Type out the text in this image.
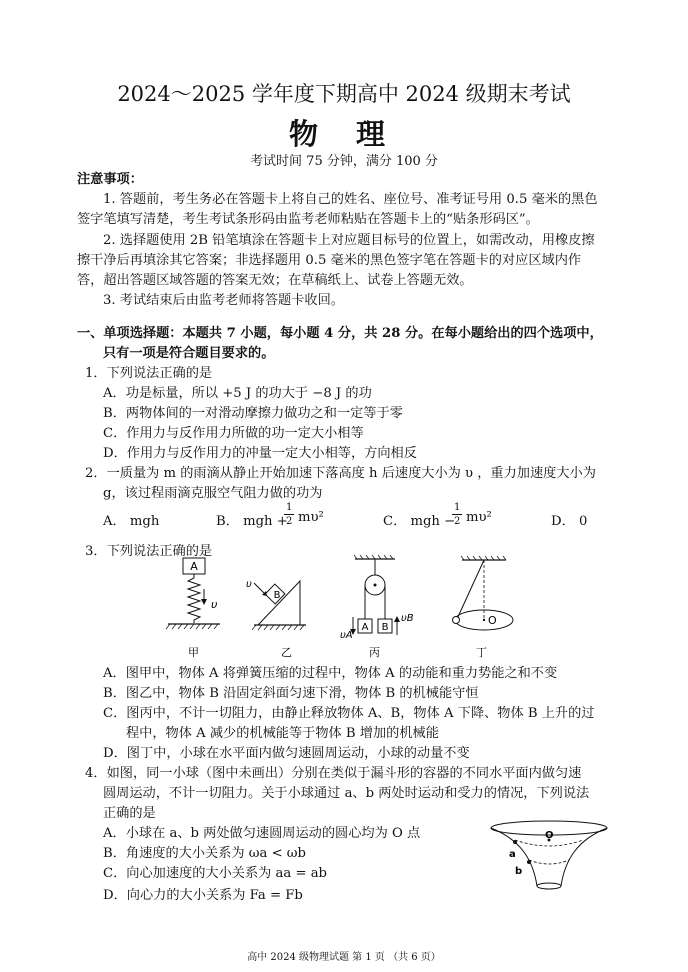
2024～2025 学年度下期高中 2024 级期末考试
物 理
考试时间 75 分钟，满分 100 分
注意事项：
1. 答题前，考生务必在答题卡上将自己的姓名、座位号、准考证号用 0.5 毫米的黑色
签字笔填写清楚，考生考试条形码由监考老师粘贴在答题卡上的“贴条形码区”。
2. 选择题使用 2B 铅笔填涂在答题卡上对应题目标号的位置上，如需改动，用橡皮擦
擦干净后再填涂其它答案；非选择题用 0.5 毫米的黑色签字笔在答题卡的对应区域内作
答，超出答题区域答题的答案无效；在草稿纸上、试卷上答题无效。
3. 考试结束后由监考老师将答题卡收回。
一、单项选择题：本题共 7 小题，每小题 4 分，共 28 分。在每小题给出的四个选项中，
只有一项是符合题目要求的。
1．下列说法正确的是
A．功是标量，所以 +5 J 的功大于 −8 J 的功
B．两物体间的一对滑动摩擦力做功之和一定等于零
C．作用力与反作用力所做的功一定大小相等
D．作用力与反作用力的冲量一定大小相等，方向相反
2．一质量为 m 的雨滴从静止开始加速下落高度 h 后速度大小为 υ ，重力加速度大小为
g，该过程雨滴克服空气阻力做的功为
A． mgh	B． mgh +
1
2 mυ²	C． mgh −
1
2 mυ²	D． 0
3．下列说法正确的是
A
υ
甲
B
υ
乙
A B
υA
υB
丙
O
丁
A．图甲中，物体 A 将弹簧压缩的过程中，物体 A 的动能和重力势能之和不变
B．图乙中，物体 B 沿固定斜面匀速下滑，物体 B 的机械能守恒
C．图丙中，不计一切阻力，由静止释放物体 A、B，物体 A 下降、物体 B 上升的过
程中，物体 A 减少的机械能等于物体 B 增加的机械能
D．图丁中，小球在水平面内做匀速圆周运动，小球的动量不变
4．如图，同一小球（图中未画出）分别在类似于漏斗形的容器的不同水平面内做匀速
圆周运动，不计一切阻力。关于小球通过 a、b 两处时运动和受力的情况，下列说法
正确的是
A．小球在 a、b 两处做匀速圆周运动的圆心均为 O 点
B．角速度的大小关系为 ωa < ωb
C．向心加速度的大小关系为 aa = ab
D．向心力的大小关系为 Fa = Fb
O
a
b
高中 2024 级物理试题 第 1 页 （共 6 页）
